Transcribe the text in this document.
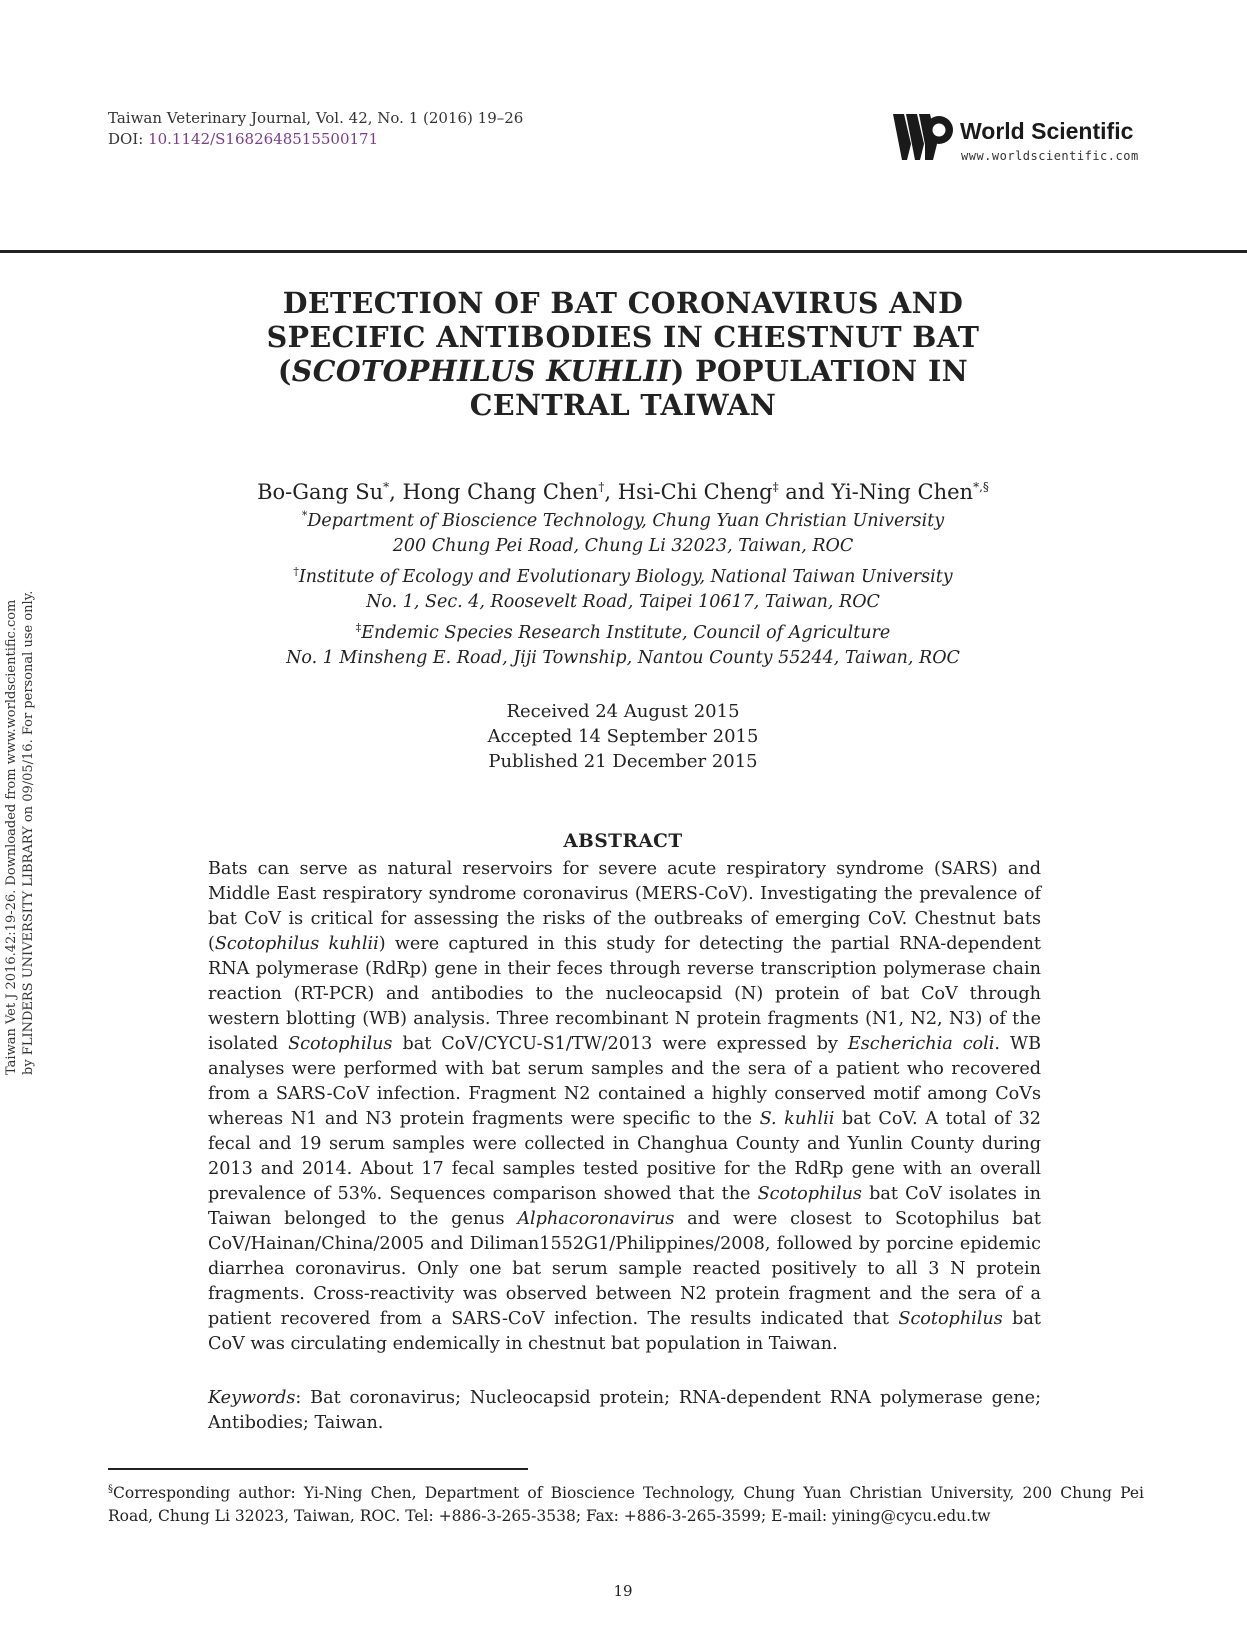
Taiwan Veterinary Journal, Vol. 42, No. 1 (2016) 19–26
DOI: 10.1142/S1682648515500171	World Scientific
www.worldscientific.com
Taiwan Vet J 2016.42:19-26. Downloaded from www.worldscientific.com by FLINDERS UNIVERSITY LIBRARY on 09/05/16. For personal use only.
DETECTION OF BAT CORONAVIRUS AND
SPECIFIC ANTIBODIES IN CHESTNUT BAT
(SCOTOPHILUS KUHLII) POPULATION IN
CENTRAL TAIWAN
Bo-Gang Su*, Hong Chang Chen†, Hsi-Chi Cheng‡ and Yi-Ning Chen*,§
*Department of Bioscience Technology, Chung Yuan Christian University
200 Chung Pei Road, Chung Li 32023, Taiwan, ROC
†Institute of Ecology and Evolutionary Biology, National Taiwan University
No. 1, Sec. 4, Roosevelt Road, Taipei 10617, Taiwan, ROC
‡Endemic Species Research Institute, Council of Agriculture
No. 1 Minsheng E. Road, Jiji Township, Nantou County 55244, Taiwan, ROC
Received 24 August 2015
Accepted 14 September 2015
Published 21 December 2015
ABSTRACT
Bats can serve as natural reservoirs for severe acute respiratory syndrome (SARS) and Middle East respiratory syndrome coronavirus (MERS-CoV). Investigating the prevalence of bat CoV is critical for assessing the risks of the outbreaks of emerging CoV. Chestnut bats (Scotophilus kuhlii) were captured in this study for detecting the partial RNA-dependent RNA polymerase (RdRp) gene in their feces through reverse transcription polymerase chain reaction (RT-PCR) and antibodies to the nucleocapsid (N) protein of bat CoV through western blotting (WB) analysis. Three recombinant N protein fragments (N1, N2, N3) of the isolated Scotophilus bat CoV/CYCU-S1/TW/2013 were expressed by Escherichia coli. WB analyses were performed with bat serum samples and the sera of a patient who recovered from a SARS-CoV infection. Fragment N2 contained a highly conserved motif among CoVs whereas N1 and N3 protein fragments were specific to the S. kuhlii bat CoV. A total of 32 fecal and 19 serum samples were collected in Changhua County and Yunlin County during 2013 and 2014. About 17 fecal samples tested positive for the RdRp gene with an overall prevalence of 53%. Sequences comparison showed that the Scotophilus bat CoV isolates in Taiwan belonged to the genus Alphacoronavirus and were closest to Scotophilus bat CoV/Hainan/China/2005 and Diliman1552G1/Philippines/2008, followed by porcine epidemic diarrhea coronavirus. Only one bat serum sample reacted positively to all 3 N protein fragments. Cross-reactivity was observed between N2 protein fragment and the sera of a patient recovered from a SARS-CoV infection. The results indicated that Scotophilus bat CoV was circulating endemically in chestnut bat population in Taiwan.
Keywords: Bat coronavirus; Nucleocapsid protein; RNA-dependent RNA polymerase gene; Antibodies; Taiwan.
§Corresponding author: Yi-Ning Chen, Department of Bioscience Technology, Chung Yuan Christian University, 200 Chung Pei Road, Chung Li 32023, Taiwan, ROC. Tel: +886-3-265-3538; Fax: +886-3-265-3599; E-mail: yining@cycu.edu.tw
19
